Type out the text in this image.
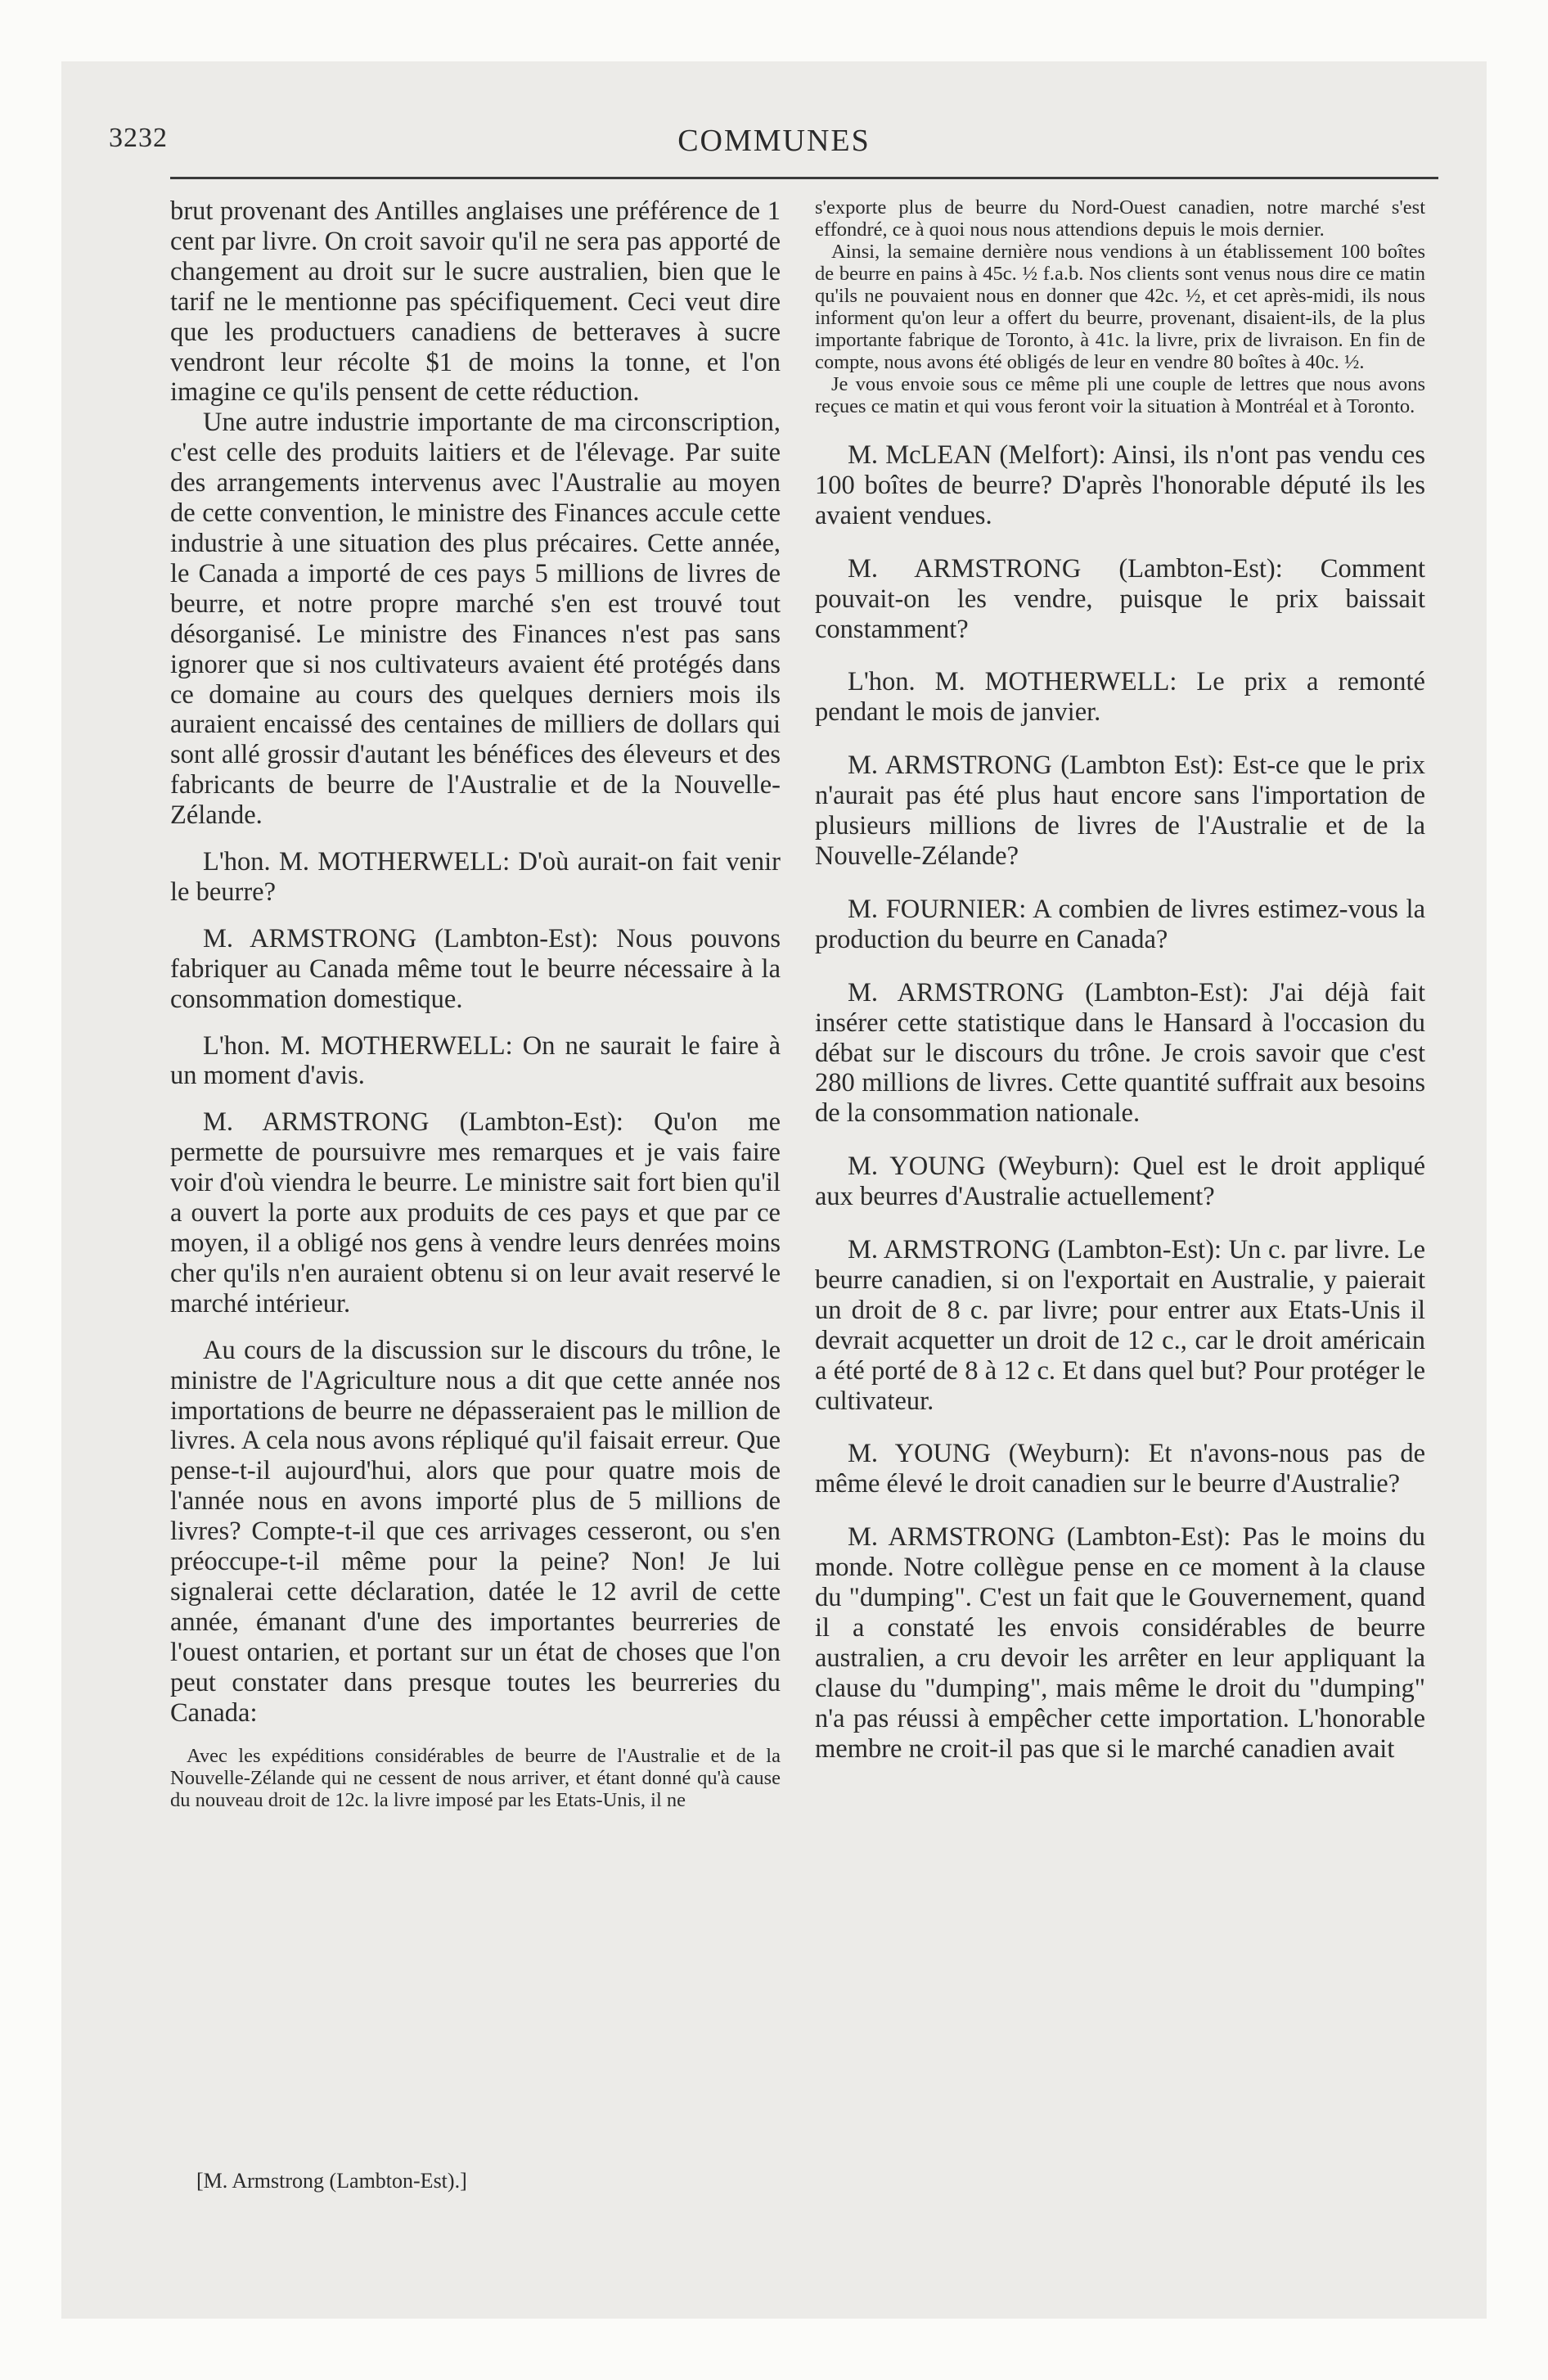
3232	COMMUNES

brut provenant des Antilles anglaises une préférence de 1 cent par livre. On croit savoir qu'il ne sera pas apporté de changement au droit sur le sucre australien, bien que le tarif ne le mentionne pas spécifiquement. Ceci veut dire que les productuers canadiens de betteraves à sucre vendront leur récolte $1 de moins la tonne, et l'on imagine ce qu'ils pensent de cette réduction.

Une autre industrie importante de ma circonscription, c'est celle des produits laitiers et de l'élevage. Par suite des arrangements intervenus avec l'Australie au moyen de cette convention, le ministre des Finances accule cette industrie à une situation des plus précaires. Cette année, le Canada a importé de ces pays 5 millions de livres de beurre, et notre propre marché s'en est trouvé tout désorganisé. Le ministre des Finances n'est pas sans ignorer que si nos cultivateurs avaient été protégés dans ce domaine au cours des quelques derniers mois ils auraient encaissé des centaines de milliers de dollars qui sont allé grossir d'autant les bénéfices des éleveurs et des fabricants de beurre de l'Australie et de la Nouvelle-Zélande.

L'hon. M. MOTHERWELL: D'où aurait-on fait venir le beurre?

M. ARMSTRONG (Lambton-Est): Nous pouvons fabriquer au Canada même tout le beurre nécessaire à la consommation domestique.

L'hon. M. MOTHERWELL: On ne saurait le faire à un moment d'avis.

M. ARMSTRONG (Lambton-Est): Qu'on me permette de poursuivre mes remarques et je vais faire voir d'où viendra le beurre. Le ministre sait fort bien qu'il a ouvert la porte aux produits de ces pays et que par ce moyen, il a obligé nos gens à vendre leurs denrées moins cher qu'ils n'en auraient obtenu si on leur avait reservé le marché intérieur.

Au cours de la discussion sur le discours du trône, le ministre de l'Agriculture nous a dit que cette année nos importations de beurre ne dépasseraient pas le million de livres. A cela nous avons répliqué qu'il faisait erreur. Que pense-t-il aujourd'hui, alors que pour quatre mois de l'année nous en avons importé plus de 5 millions de livres? Compte-t-il que ces arrivages cesseront, ou s'en préoccupe-t-il même pour la peine? Non! Je lui signalerai cette déclaration, datée le 12 avril de cette année, émanant d'une des importantes beurreries de l'ouest ontarien, et portant sur un état de choses que l'on peut constater dans presque toutes les beurreries du Canada:

Avec les expéditions considérables de beurre de l'Australie et de la Nouvelle-Zélande qui ne cessent de nous arriver, et étant donné qu'à cause du nouveau droit de 12c. la livre imposé par les Etats-Unis, il ne

s'exporte plus de beurre du Nord-Ouest canadien, notre marché s'est effondré, ce à quoi nous nous attendions depuis le mois dernier.

Ainsi, la semaine dernière nous vendions à un établissement 100 boîtes de beurre en pains à 45c. ½ f.a.b. Nos clients sont venus nous dire ce matin qu'ils ne pouvaient nous en donner que 42c. ½, et cet après-midi, ils nous informent qu'on leur a offert du beurre, provenant, disaient-ils, de la plus importante fabrique de Toronto, à 41c. la livre, prix de livraison. En fin de compte, nous avons été obligés de leur en vendre 80 boîtes à 40c. ½.

Je vous envoie sous ce même pli une couple de lettres que nous avons reçues ce matin et qui vous feront voir la situation à Montréal et à Toronto.

M. McLEAN (Melfort): Ainsi, ils n'ont pas vendu ces 100 boîtes de beurre? D'après l'honorable député ils les avaient vendues.

M. ARMSTRONG (Lambton-Est): Comment pouvait-on les vendre, puisque le prix baissait constamment?

L'hon. M. MOTHERWELL: Le prix a remonté pendant le mois de janvier.

M. ARMSTRONG (Lambton Est): Est-ce que le prix n'aurait pas été plus haut encore sans l'importation de plusieurs millions de livres de l'Australie et de la Nouvelle-Zélande?

M. FOURNIER: A combien de livres estimez-vous la production du beurre en Canada?

M. ARMSTRONG (Lambton-Est): J'ai déjà fait insérer cette statistique dans le Hansard à l'occasion du débat sur le discours du trône. Je crois savoir que c'est 280 millions de livres. Cette quantité suffrait aux besoins de la consommation nationale.

M. YOUNG (Weyburn): Quel est le droit appliqué aux beurres d'Australie actuellement?

M. ARMSTRONG (Lambton-Est): Un c. par livre. Le beurre canadien, si on l'exportait en Australie, y paierait un droit de 8 c. par livre; pour entrer aux Etats-Unis il devrait acquetter un droit de 12 c., car le droit américain a été porté de 8 à 12 c. Et dans quel but? Pour protéger le cultivateur.

M. YOUNG (Weyburn): Et n'avons-nous pas de même élevé le droit canadien sur le beurre d'Australie?

M. ARMSTRONG (Lambton-Est): Pas le moins du monde. Notre collègue pense en ce moment à la clause du "dumping". C'est un fait que le Gouvernement, quand il a constaté les envois considérables de beurre australien, a cru devoir les arrêter en leur appliquant la clause du "dumping", mais même le droit du "dumping" n'a pas réussi à empêcher cette importation. L'honorable membre ne croit-il pas que si le marché canadien avait

[M. Armstrong (Lambton-Est).]
